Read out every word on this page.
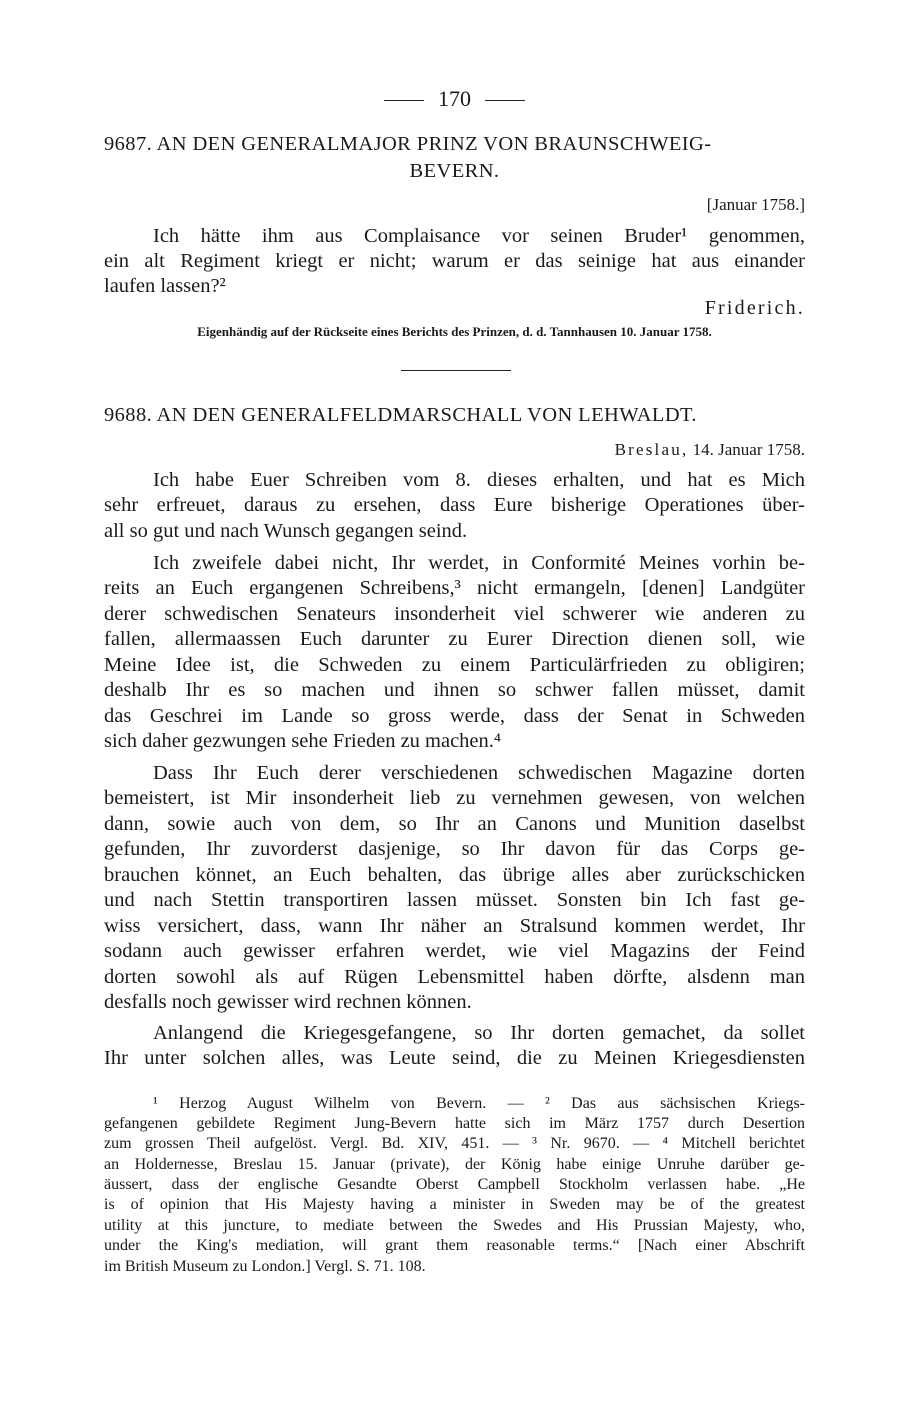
170
9687. AN DEN GENERALMAJOR PRINZ VON BRAUNSCHWEIG-
BEVERN.
[Januar 1758.]
Ich hätte ihm aus Complaisance vor seinen Bruder¹ genommen,
ein alt Regiment kriegt er nicht; warum er das seinige hat aus einander
laufen lassen?²
Friderich.
Eigenhändig auf der Rückseite eines Berichts des Prinzen, d. d. Tannhausen 10. Januar 1758.
9688. AN DEN GENERALFELDMARSCHALL VON LEHWALDT.
Breslau, 14. Januar 1758.
Ich habe Euer Schreiben vom 8. dieses erhalten, und hat es Mich
sehr erfreuet, daraus zu ersehen, dass Eure bisherige Operationes über-
all so gut und nach Wunsch gegangen seind.
Ich zweifele dabei nicht, Ihr werdet, in Conformité Meines vorhin be-
reits an Euch ergangenen Schreibens,³ nicht ermangeln, [denen] Landgüter
derer schwedischen Senateurs insonderheit viel schwerer wie anderen zu
fallen, allermaassen Euch darunter zu Eurer Direction dienen soll, wie
Meine Idee ist, die Schweden zu einem Particulärfrieden zu obligiren;
deshalb Ihr es so machen und ihnen so schwer fallen müsset, damit
das Geschrei im Lande so gross werde, dass der Senat in Schweden
sich daher gezwungen sehe Frieden zu machen.⁴
Dass Ihr Euch derer verschiedenen schwedischen Magazine dorten
bemeistert, ist Mir insonderheit lieb zu vernehmen gewesen, von welchen
dann, sowie auch von dem, so Ihr an Canons und Munition daselbst
gefunden, Ihr zuvorderst dasjenige, so Ihr davon für das Corps ge-
brauchen könnet, an Euch behalten, das übrige alles aber zurückschicken
und nach Stettin transportiren lassen müsset. Sonsten bin Ich fast ge-
wiss versichert, dass, wann Ihr näher an Stralsund kommen werdet, Ihr
sodann auch gewisser erfahren werdet, wie viel Magazins der Feind
dorten sowohl als auf Rügen Lebensmittel haben dörfte, alsdenn man
desfalls noch gewisser wird rechnen können.
Anlangend die Kriegesgefangene, so Ihr dorten gemachet, da sollet
Ihr unter solchen alles, was Leute seind, die zu Meinen Kriegesdiensten
¹ Herzog August Wilhelm von Bevern. — ² Das aus sächsischen Kriegs-
gefangenen gebildete Regiment Jung-Bevern hatte sich im März 1757 durch Desertion
zum grossen Theil aufgelöst. Vergl. Bd. XIV, 451. — ³ Nr. 9670. — ⁴ Mitchell berichtet
an Holdernesse, Breslau 15. Januar (private), der König habe einige Unruhe darüber ge-
äussert, dass der englische Gesandte Oberst Campbell Stockholm verlassen habe. „He
is of opinion that His Majesty having a minister in Sweden may be of the greatest
utility at this juncture, to mediate between the Swedes and His Prussian Majesty, who,
under the King's mediation, will grant them reasonable terms.“ [Nach einer Abschrift
im British Museum zu London.] Vergl. S. 71. 108.
